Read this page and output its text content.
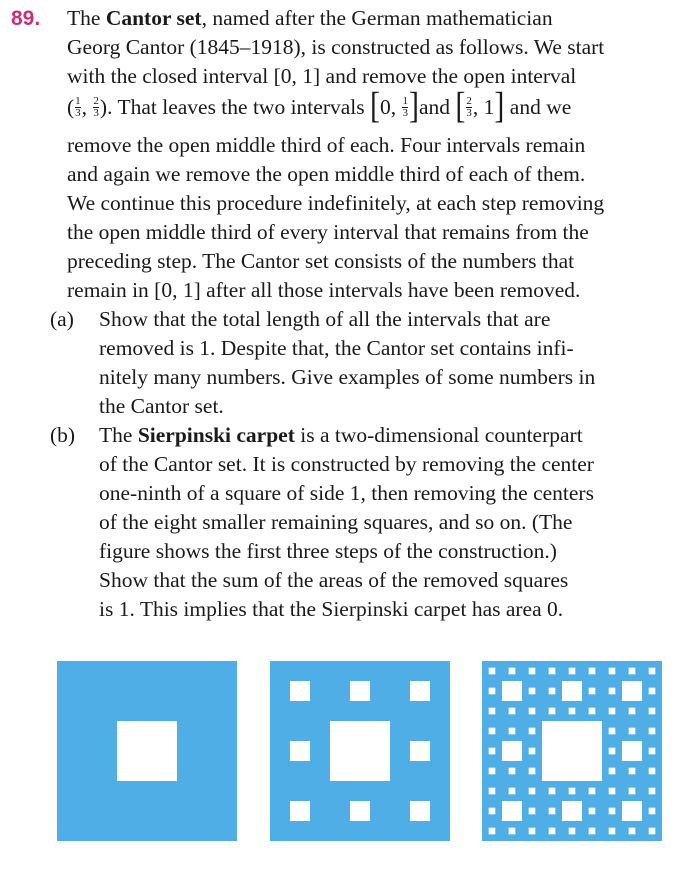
89. The Cantor set, named after the German mathematician
Georg Cantor (1845–1918), is constructed as follows. We start
with the closed interval [0, 1] and remove the open interval
( $\frac{1}{3}$ , $\frac{2}{3}$ ). That leaves the two intervals [0, $\frac{1}{3} ]and$ [ $\frac{2}{3}$ , 1] and we
remove the open middle third of each. Four intervals remain
and again we remove the open middle third of each of them.
We continue this procedure indefinitely, at each step removing
the open middle third of every interval that remains from the
preceding step. The Cantor set consists of the numbers that
remain in [0, 1] after all those intervals have been removed.
(a) Show that the total length of all the intervals that are
removed is 1. Despite that, the Cantor set contains infi-
nitely many numbers. Give examples of some numbers in
the Cantor set.
(b) The Sierpinski carpet is a two-dimensional counterpart
of the Cantor set. It is constructed by removing the center
one-ninth of a square of side 1, then removing the centers
of the eight smaller remaining squares, and so on. (The
figure shows the first three steps of the construction.)
Show that the sum of the areas of the removed squares
is 1. This implies that the Sierpinski carpet has area 0.
